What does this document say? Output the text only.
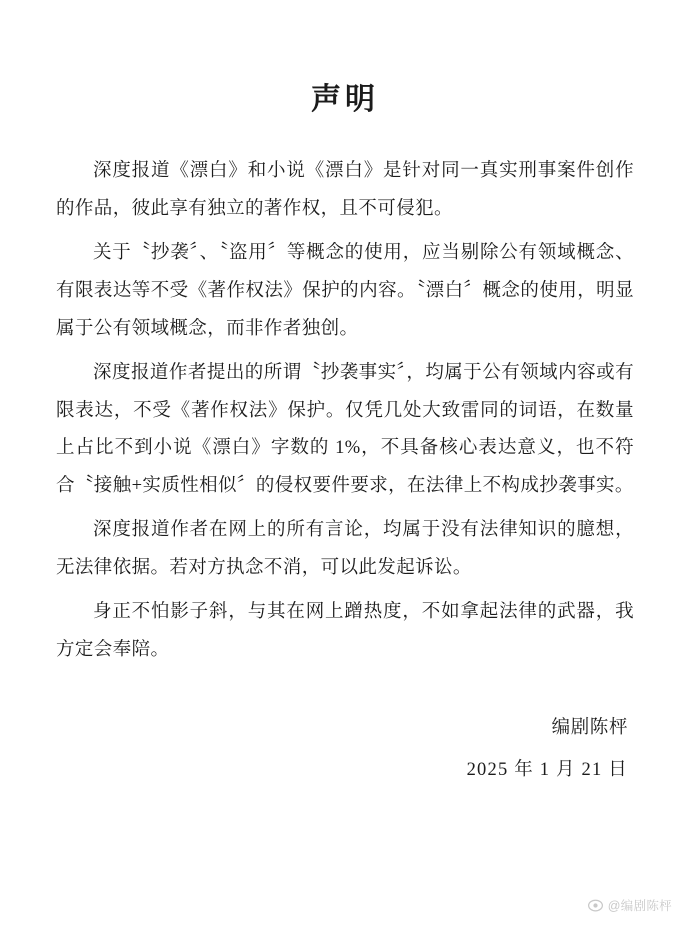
声明

深度报道《漂白》和小说《漂白》是针对同一真实刑事案件创作的作品，彼此享有独立的著作权，且不可侵犯。

关于〝抄袭〞、〝盗用〞等概念的使用，应当剔除公有领域概念、有限表达等不受《著作权法》保护的内容。〝漂白〞概念的使用，明显属于公有领域概念，而非作者独创。

深度报道作者提出的所谓〝抄袭事实〞，均属于公有领域内容或有限表达，不受《著作权法》保护。仅凭几处大致雷同的词语，在数量上占比不到小说《漂白》字数的 1%，不具备核心表达意义，也不符合〝接触+实质性相似〞的侵权要件要求，在法律上不构成抄袭事实。

深度报道作者在网上的所有言论，均属于没有法律知识的臆想，无法律依据。若对方执念不消，可以此发起诉讼。

身正不怕影子斜，与其在网上蹭热度，不如拿起法律的武器，我方定会奉陪。

编剧陈枰
2025 年 1 月 21 日
@编剧陈枰
